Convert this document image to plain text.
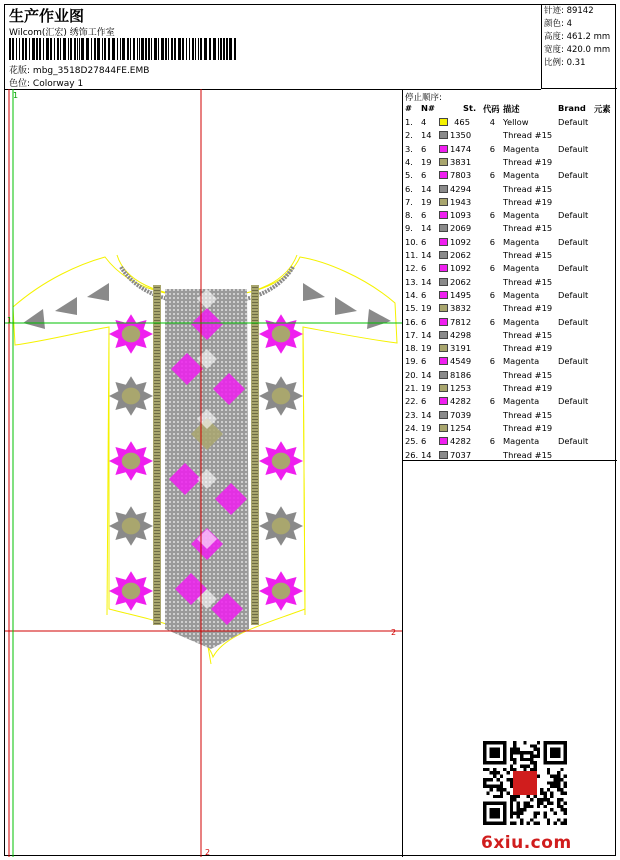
生产作业图
Wilcom(汇宏) 绣饰工作室
花版: mbg_3518D27844FE.EMB
色位: Colorway 1
针迹: 89142
颜色: 4
高度: 461.2 mm
宽度: 420.0 mm
比例: 0.31
1
1
2
2
停止顺序:
# N#	St. 代码 描述	Brand 元素
1. 4	465	4 Yellow	Default
2. 14 1350	Thread #15
3. 6	1474	6 Magenta Default
4. 19 3831	Thread #19
5. 6	7803	6 Magenta Default
6. 14 4294	Thread #15
7. 19 1943	Thread #19
8. 6	1093	6 Magenta Default
9. 14 2069	Thread #15
10. 6	1092	6 Magenta Default
11. 14 2062	Thread #15
12. 6	1092	6 Magenta Default
13. 14 2062	Thread #15
14. 6	1495	6 Magenta Default
15. 19 3832	Thread #19
16. 6	7812	6 Magenta Default
17. 14 4298	Thread #15
18. 19 3191	Thread #19
19. 6	4549	6 Magenta Default
20. 14 8186	Thread #15
21. 19 1253	Thread #19
22. 6	4282	6 Magenta Default
23. 14 7039	Thread #15
24. 19 1254	Thread #19
25. 6	4282	6 Magenta Default
26. 14 7037	Thread #15
6xiu.com
